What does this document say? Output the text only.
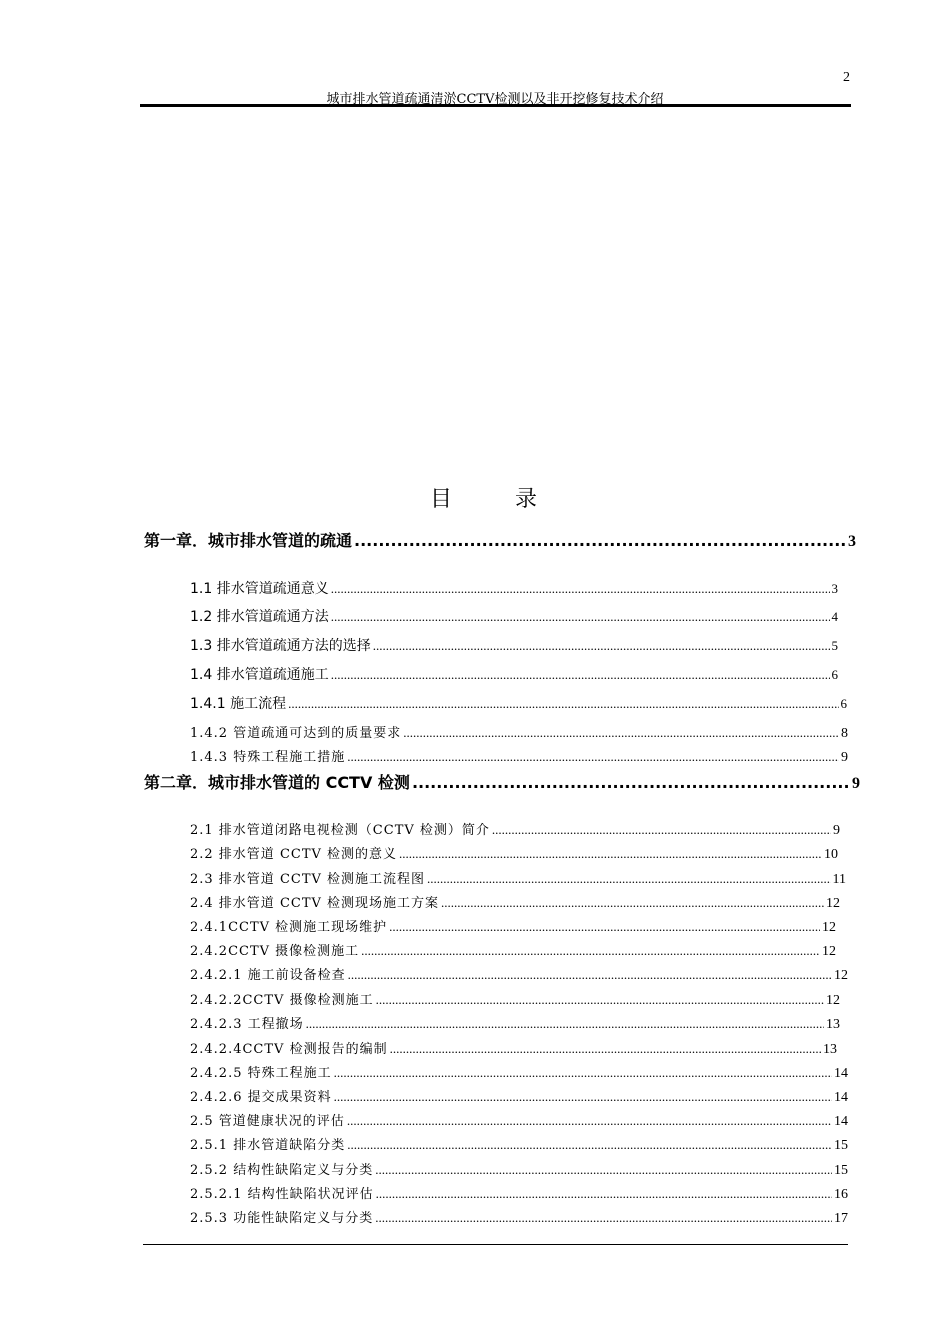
2
城市排水管道疏通清淤CCTV检测以及非开挖修复技术介绍
目 录
第一章．城市排水管道的疏通 .....	3
1.1 排水管道疏通意义 .....	3
1.2 排水管道疏通方法 .....	4
1.3 排水管道疏通方法的选择 .....	5
1.4 排水管道疏通施工 .....	6
1.4.1 施工流程 .....	6
1.4.2 管道疏通可达到的质量要求 .....	8
1.4.3 特殊工程施工措施 .....	9
第二章．城市排水管道的 CCTV 检测 .....	9
2.1 排水管道闭路电视检测（CCTV 检测）简介 .....	9
2.2 排水管道 CCTV 检测的意义 .....	10
2.3 排水管道 CCTV 检测施工流程图 .....	11
2.4 排水管道 CCTV 检测现场施工方案 .....	12
2.4.1CCTV 检测施工现场维护 .....	12
2.4.2CCTV 摄像检测施工 .....	12
2.4.2.1 施工前设备检查 .....	12
2.4.2.2CCTV 摄像检测施工 .....	12
2.4.2.3 工程撤场 .....	13
2.4.2.4CCTV 检测报告的编制 .....	13
2.4.2.5 特殊工程施工 .....	14
2.4.2.6 提交成果资料 .....	14
2.5 管道健康状况的评估 .....	14
2.5.1 排水管道缺陷分类 .....	15
2.5.2 结构性缺陷定义与分类 .....	15
2.5.2.1 结构性缺陷状况评估 .....	16
2.5.3 功能性缺陷定义与分类 .....	17
